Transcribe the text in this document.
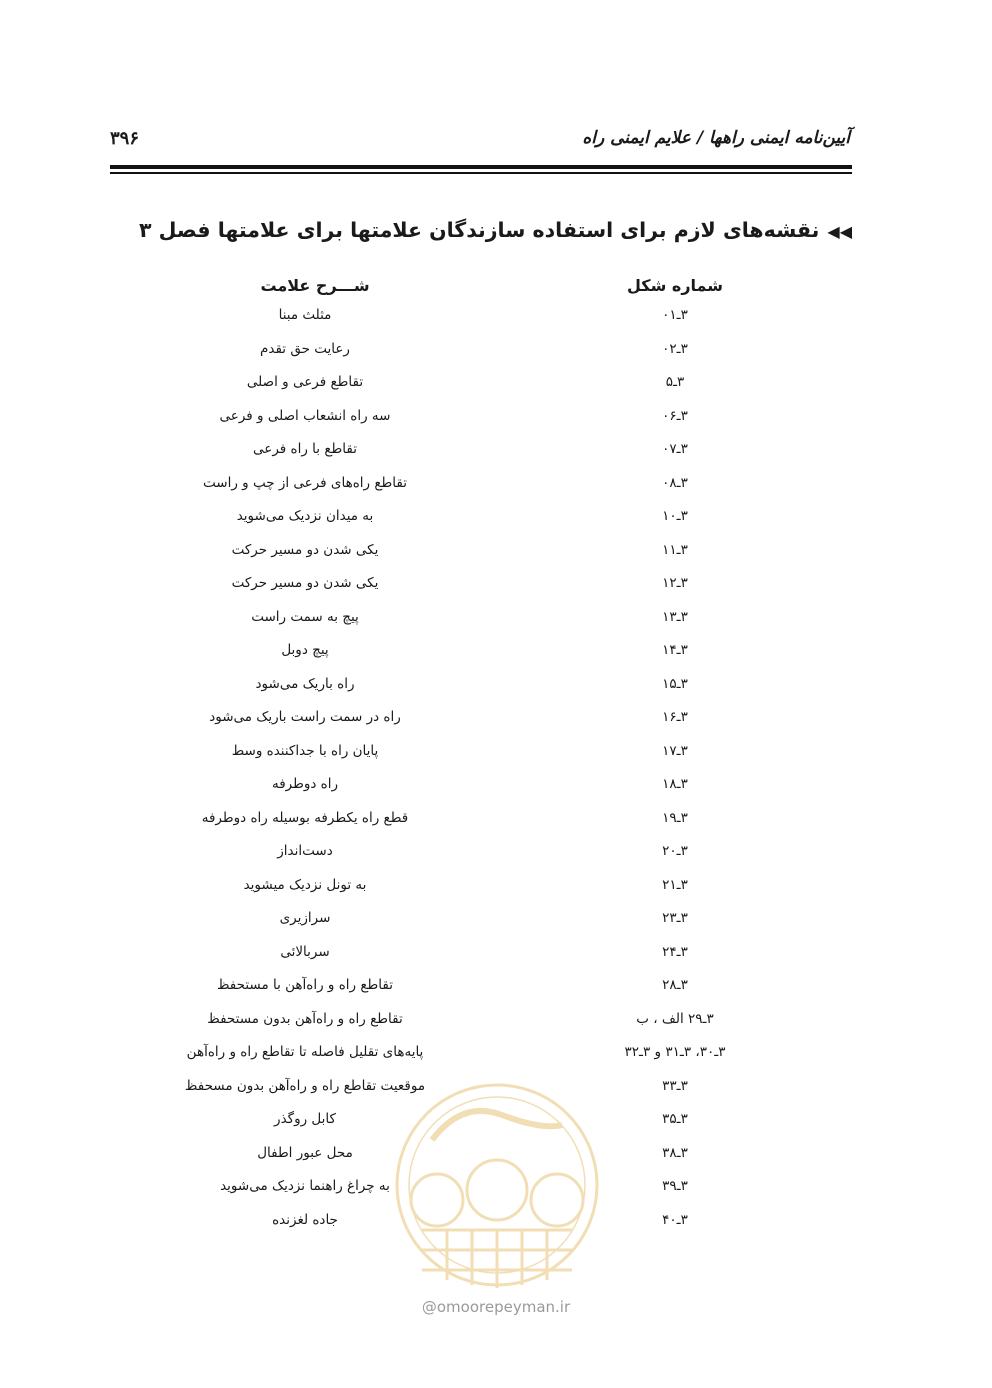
آیین‌نامه ایمنی راهها / علایم ایمنی راه
۳۹۶
◀◀نقشه‌های لازم برای استفاده سازندگان علامتها برای علامتها فصل ۳
شـــرح علامت	شماره شکل
مثلث مبنا	۳ـ۰۱
رعایت حق تقدم	۳ـ۰۲
تقاطع فرعی و اصلی	۳ـ۵
سه راه انشعاب اصلی و فرعی	۳ـ۰۶
تقاطع با راه فرعی	۳ـ۰۷
تقاطع راه‌های فرعی از چپ و راست	۳ـ۰۸
به میدان نزدیک می‌شوید	۳ـ۱۰
یکی شدن دو مسیر حرکت	۳ـ۱۱
یکی شدن دو مسیر حرکت	۳ـ۱۲
پیچ به سمت راست	۳ـ۱۳
پیچ دوبل	۳ـ۱۴
راه باریک می‌شود	۳ـ۱۵
راه در سمت راست باریک می‌شود	۳ـ۱۶
پایان راه با جداکننده وسط	۳ـ۱۷
راه دوطرفه	۳ـ۱۸
قطع راه یکطرفه بوسیله راه دوطرفه	۳ـ۱۹
دست‌انداز	۳ـ۲۰
به تونل نزدیک میشوید	۳ـ۲۱
سرازیری	۳ـ۲۳
سربالائی	۳ـ۲۴
تقاطع راه و راه‌آهن با مستحفظ	۳ـ۲۸
تقاطع راه و راه‌آهن بدون مستحفظ	۳ـ۲۹ الف ، ب
پایه‌های تقلیل فاصله تا تقاطع راه و راه‌آهن	۳ـ۳۰، ۳ـ۳۱ و ۳ـ۳۲
موقعیت تقاطع راه و راه‌آهن بدون مسحفظ	۳ـ۳۳
کابل روگذر	۳ـ۳۵
محل عبور اطفال	۳ـ۳۸
به چراغ راهنما نزدیک می‌شوید	۳ـ۳۹
جاده لغزنده	۳ـ۴۰
@omoorepeyman.ir
